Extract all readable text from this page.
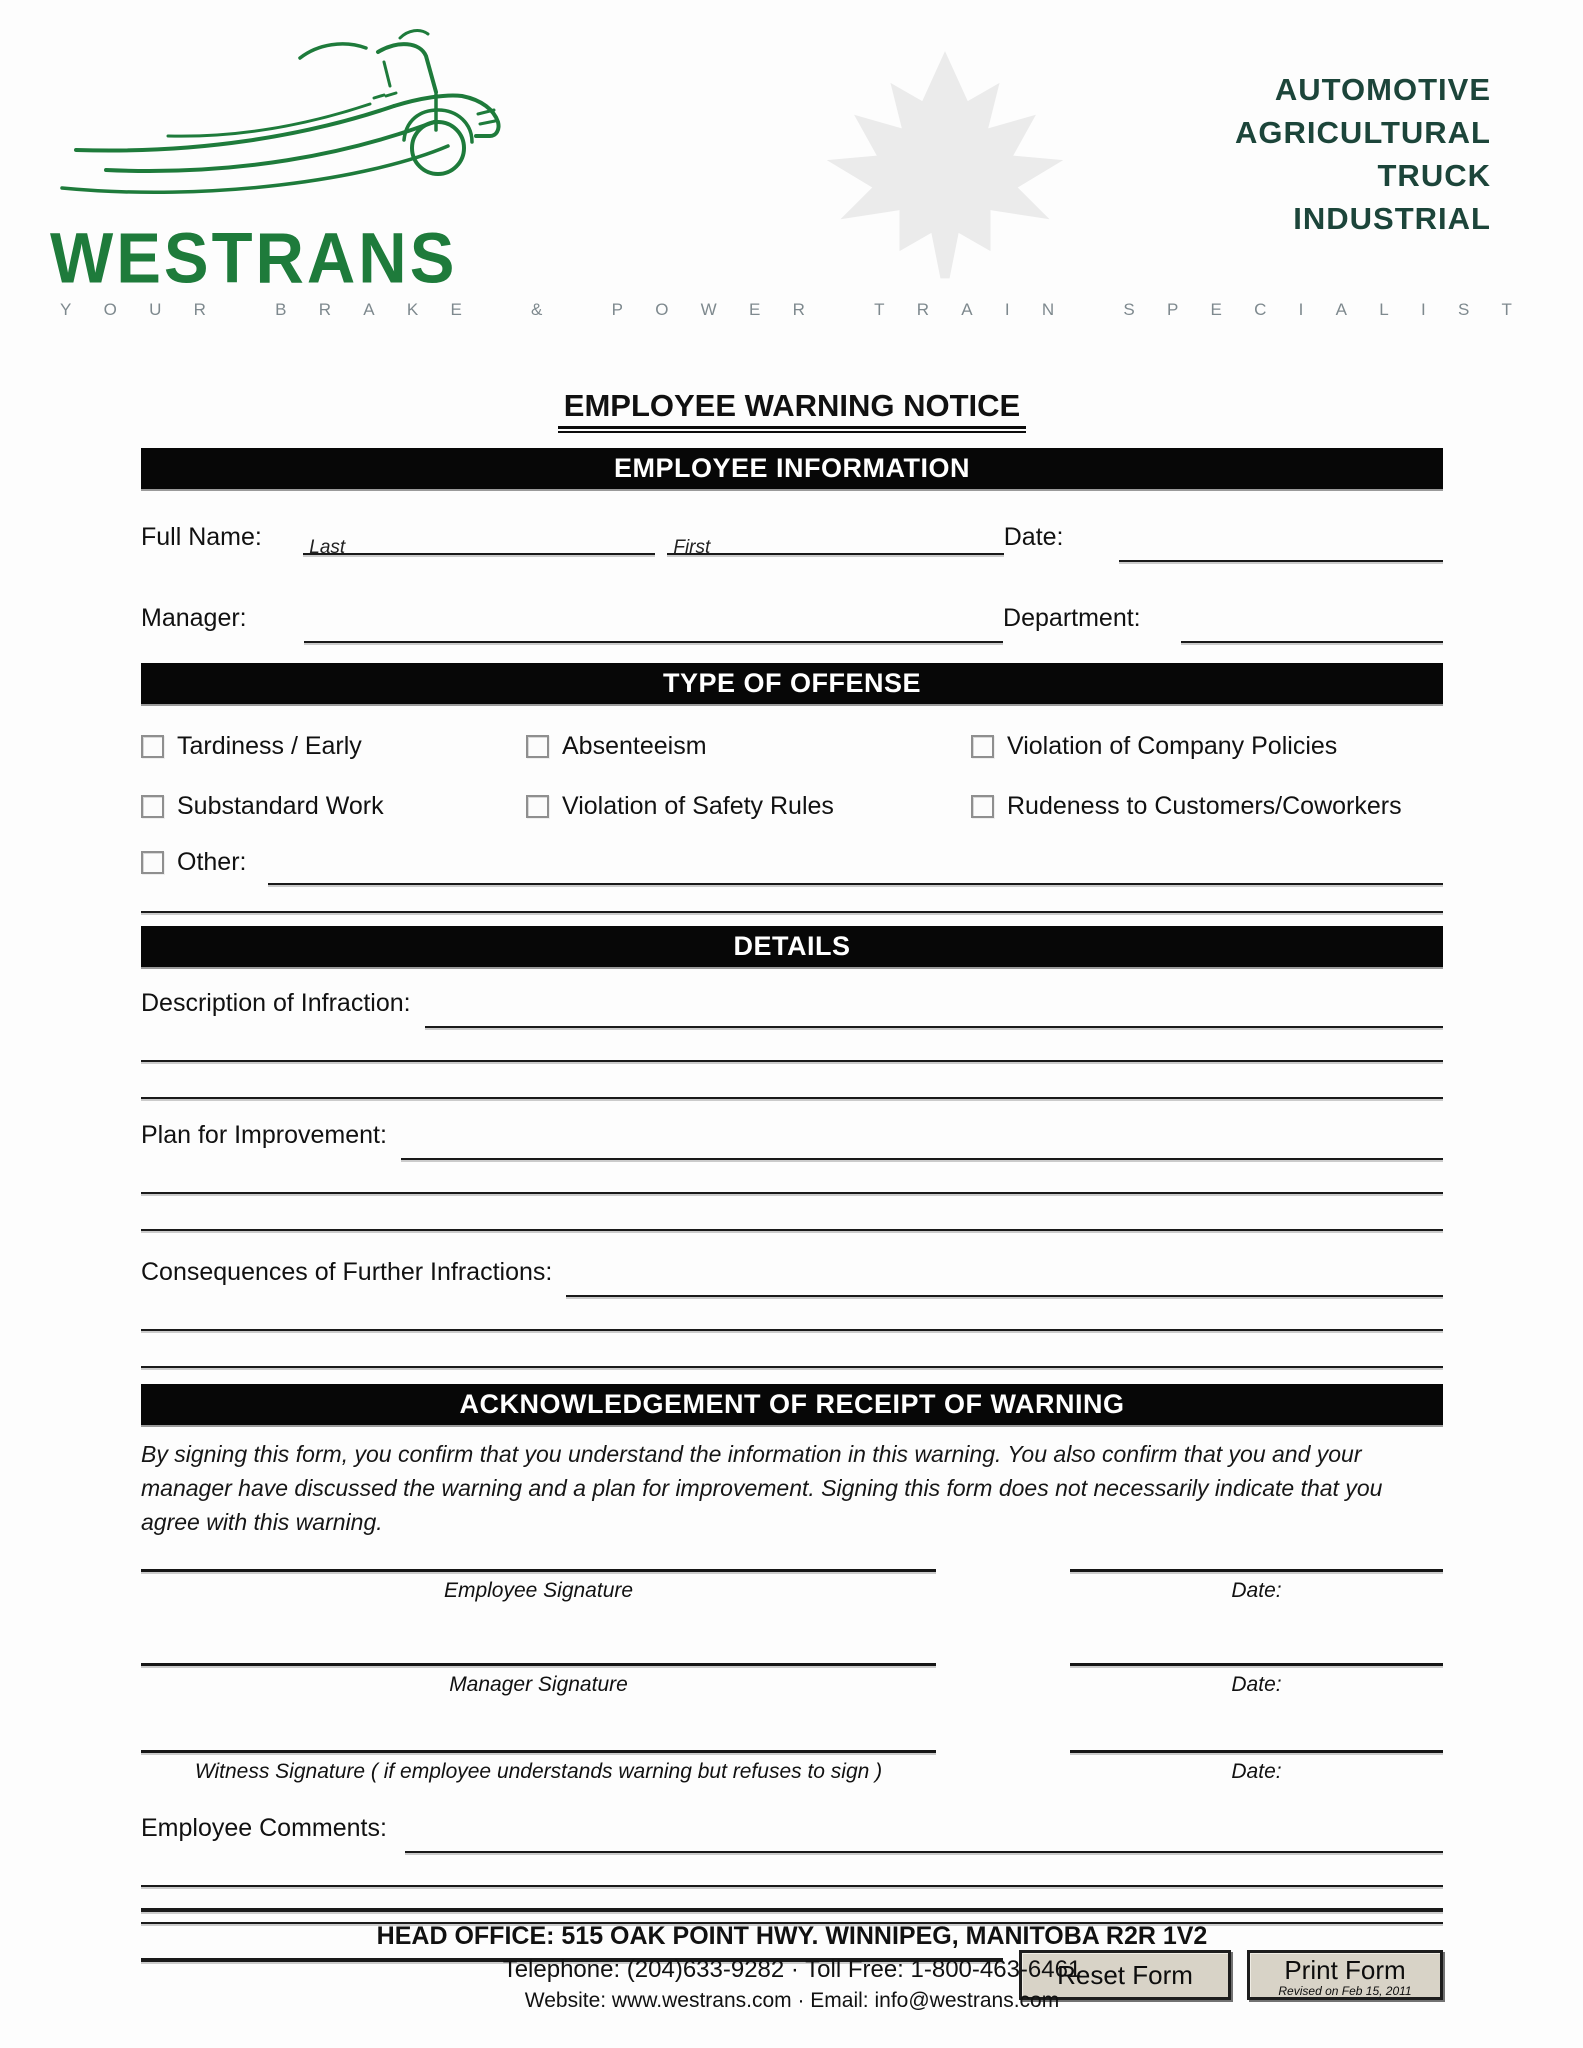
WESTRANS
AUTOMOTIVE
AGRICULTURAL
TRUCK
INDUSTRIAL
Y O U R
	B R A K E
	&
	P O W E R
	T R A I N
	S P E C I A L I S T
EMPLOYEE WARNING NOTICE
EMPLOYEE INFORMATION
Full Name:	Last	First	Date:
Manager:	Department:
TYPE OF OFFENSE
Tardiness / Early	Absenteeism	Violation of Company Policies
Substandard Work	Violation of Safety Rules	Rudeness to Customers/Coworkers
Other:
DETAILS
Description of Infraction:
Plan for Improvement:
Consequences of Further Infractions:
ACKNOWLEDGEMENT OF RECEIPT OF WARNING
By signing this form, you confirm that you understand the information in this warning. You also confirm that you and your manager have discussed the warning and a plan for improvement. Signing this form does not necessarily indicate that you agree with this warning.
Employee Signature	Date:
Manager Signature	Date:
Witness Signature ( if employee understands warning but refuses to sign )	Date:
Employee Comments:
Reset Form	Print Form
Revised on Feb 15, 2011
HEAD OFFICE: 515 OAK POINT HWY. WINNIPEG, MANITOBA R2R 1V2
Telephone: (204)633-9282 · Toll Free: 1-800-463-6461
Website: www.westrans.com · Email: info@westrans.com
